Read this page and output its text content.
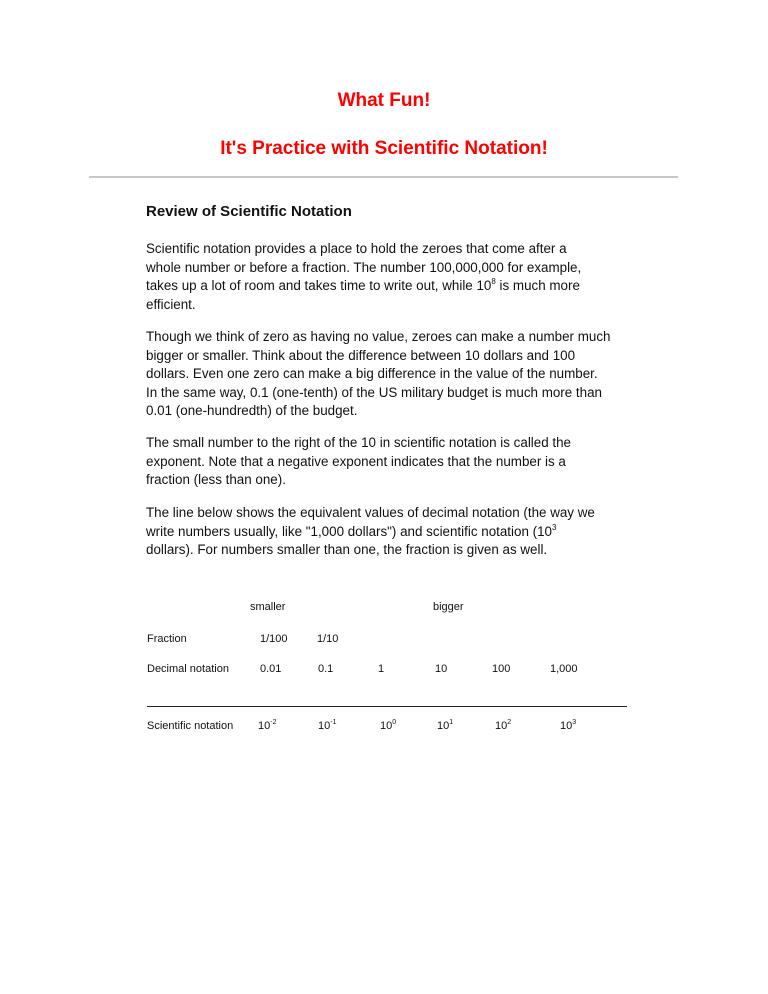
What Fun!
It's Practice with Scientific Notation!
Review of Scientific Notation
Scientific notation provides a place to hold the zeroes that come after a
whole number or before a fraction. The number 100,000,000 for example,
takes up a lot of room and takes time to write out, while $10^8$ is much more
efficient.
Though we think of zero as having no value, zeroes can make a number much
bigger or smaller. Think about the difference between 10 dollars and 100
dollars. Even one zero can make a big difference in the value of the number.
In the same way, 0.1 (one-tenth) of the US military budget is much more than
0.01 (one-hundredth) of the budget.
The small number to the right of the 10 in scientific notation is called the
exponent. Note that a negative exponent indicates that the number is a
fraction (less than one).
The line below shows the equivalent values of decimal notation (the way we
write numbers usually, like "1,000 dollars") and scientific notation ($10^3$
dollars). For numbers smaller than one, the fraction is given as well.
smaller	bigger
Fraction	1/100	1/10
Decimal notation	0.01	0.1	1	10	100	1,000
Scientific notation $10^{-2}$	$10^{-1}$	$10^0$	$10^1$	$10^2$	$10^3$
